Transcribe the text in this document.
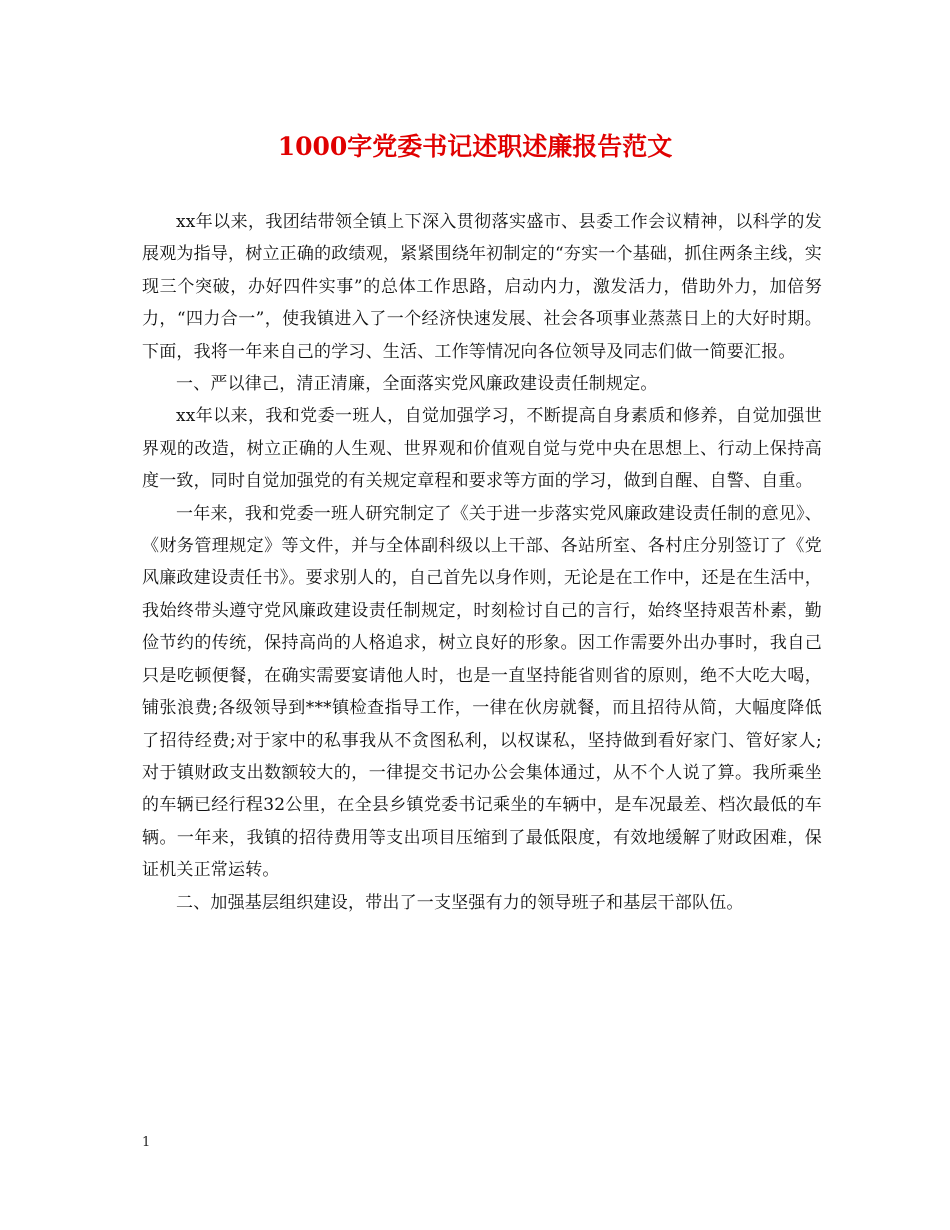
1000字党委书记述职述廉报告范文

xx年以来，我团结带领全镇上下深入贯彻落实盛市、县委工作会议精神，以科学的发展观为指导，树立正确的政绩观，紧紧围绕年初制定的“夯实一个基础，抓住两条主线，实现三个突破，办好四件实事”的总体工作思路，启动内力，激发活力，借助外力，加倍努力，“四力合一”，使我镇进入了一个经济快速发展、社会各项事业蒸蒸日上的大好时期。下面，我将一年来自己的学习、生活、工作等情况向各位领导及同志们做一简要汇报。

一、严以律己，清正清廉，全面落实党风廉政建设责任制规定。

xx年以来，我和党委一班人，自觉加强学习，不断提高自身素质和修养，自觉加强世界观的改造，树立正确的人生观、世界观和价值观自觉与党中央在思想上、行动上保持高度一致，同时自觉加强党的有关规定章程和要求等方面的学习，做到自醒、自警、自重。

一年来，我和党委一班人研究制定了《关于进一步落实党风廉政建设责任制的意见》、《财务管理规定》等文件，并与全体副科级以上干部、各站所室、各村庄分别签订了《党风廉政建设责任书》。要求别人的，自己首先以身作则，无论是在工作中，还是在生活中，我始终带头遵守党风廉政建设责任制规定，时刻检讨自己的言行，始终坚持艰苦朴素，勤俭节约的传统，保持高尚的人格追求，树立良好的形象。因工作需要外出办事时，我自己只是吃顿便餐，在确实需要宴请他人时，也是一直坚持能省则省的原则，绝不大吃大喝，铺张浪费;各级领导到***镇检查指导工作，一律在伙房就餐，而且招待从简，大幅度降低了招待经费;对于家中的私事我从不贪图私利，以权谋私，坚持做到看好家门、管好家人;对于镇财政支出数额较大的，一律提交书记办公会集体通过，从不个人说了算。我所乘坐的车辆已经行程32公里，在全县乡镇党委书记乘坐的车辆中，是车况最差、档次最低的车辆。一年来，我镇的招待费用等支出项目压缩到了最低限度，有效地缓解了财政困难，保证机关正常运转。

二、加强基层组织建设，带出了一支坚强有力的领导班子和基层干部队伍。

1
